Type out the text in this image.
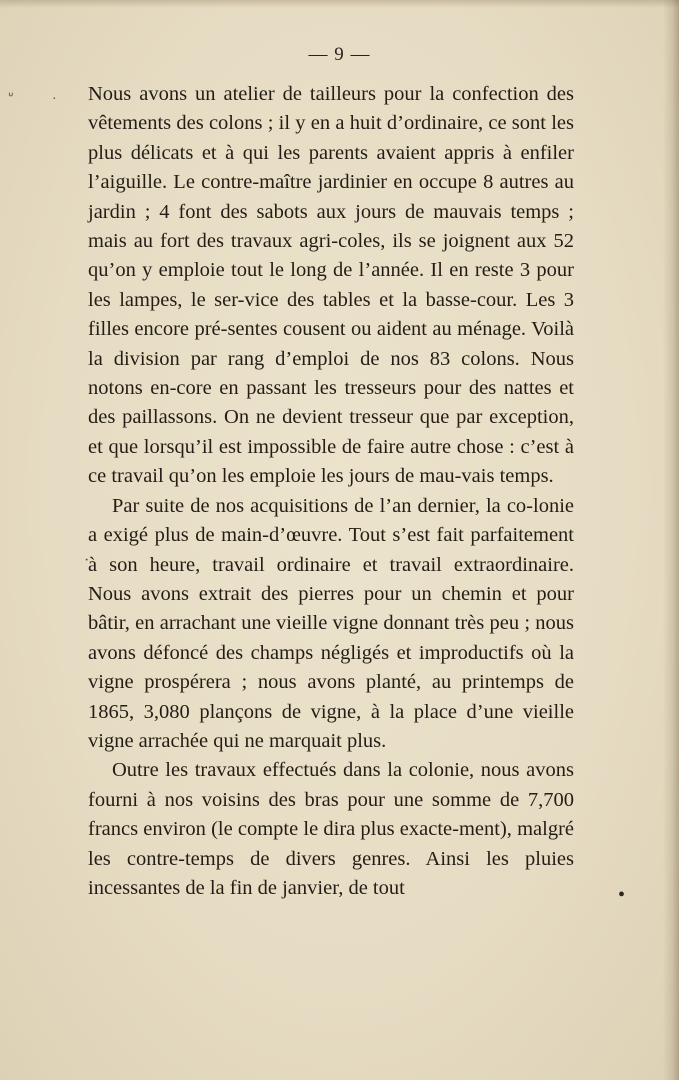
— 9 —
ᐡ	·
·
•

Nous avons un atelier de tailleurs pour la confection des vêtements des colons ; il y en a huit d’ordinaire, ce sont les plus délicats et à qui les parents avaient appris à enfiler l’aiguille. Le contre-maître jardinier en occupe 8 autres au jardin ; 4 font des sabots aux jours de mauvais temps ; mais au fort des travaux agri-coles, ils se joignent aux 52 qu’on y emploie tout le long de l’année. Il en reste 3 pour les lampes, le ser-vice des tables et la basse-cour. Les 3 filles encore pré-sentes cousent ou aident au ménage. Voilà la division par rang d’emploi de nos 83 colons. Nous notons en-core en passant les tresseurs pour des nattes et des paillassons. On ne devient tresseur que par exception, et que lorsqu’il est impossible de faire autre chose : c’est à ce travail qu’on les emploie les jours de mau-vais temps.

Par suite de nos acquisitions de l’an dernier, la co-lonie a exigé plus de main-d’œuvre. Tout s’est fait parfaitement à son heure, travail ordinaire et travail extraordinaire. Nous avons extrait des pierres pour un chemin et pour bâtir, en arrachant une vieille vigne donnant très peu ; nous avons défoncé des champs négligés et improductifs où la vigne prospérera ; nous avons planté, au printemps de 1865, 3,080 plançons de vigne, à la place d’une vieille vigne arrachée qui ne marquait plus.

Outre les travaux effectués dans la colonie, nous avons fourni à nos voisins des bras pour une somme de 7,700 francs environ (le compte le dira plus exacte-ment), malgré les contre-temps de divers genres. Ainsi les pluies incessantes de la fin de janvier, de tout
